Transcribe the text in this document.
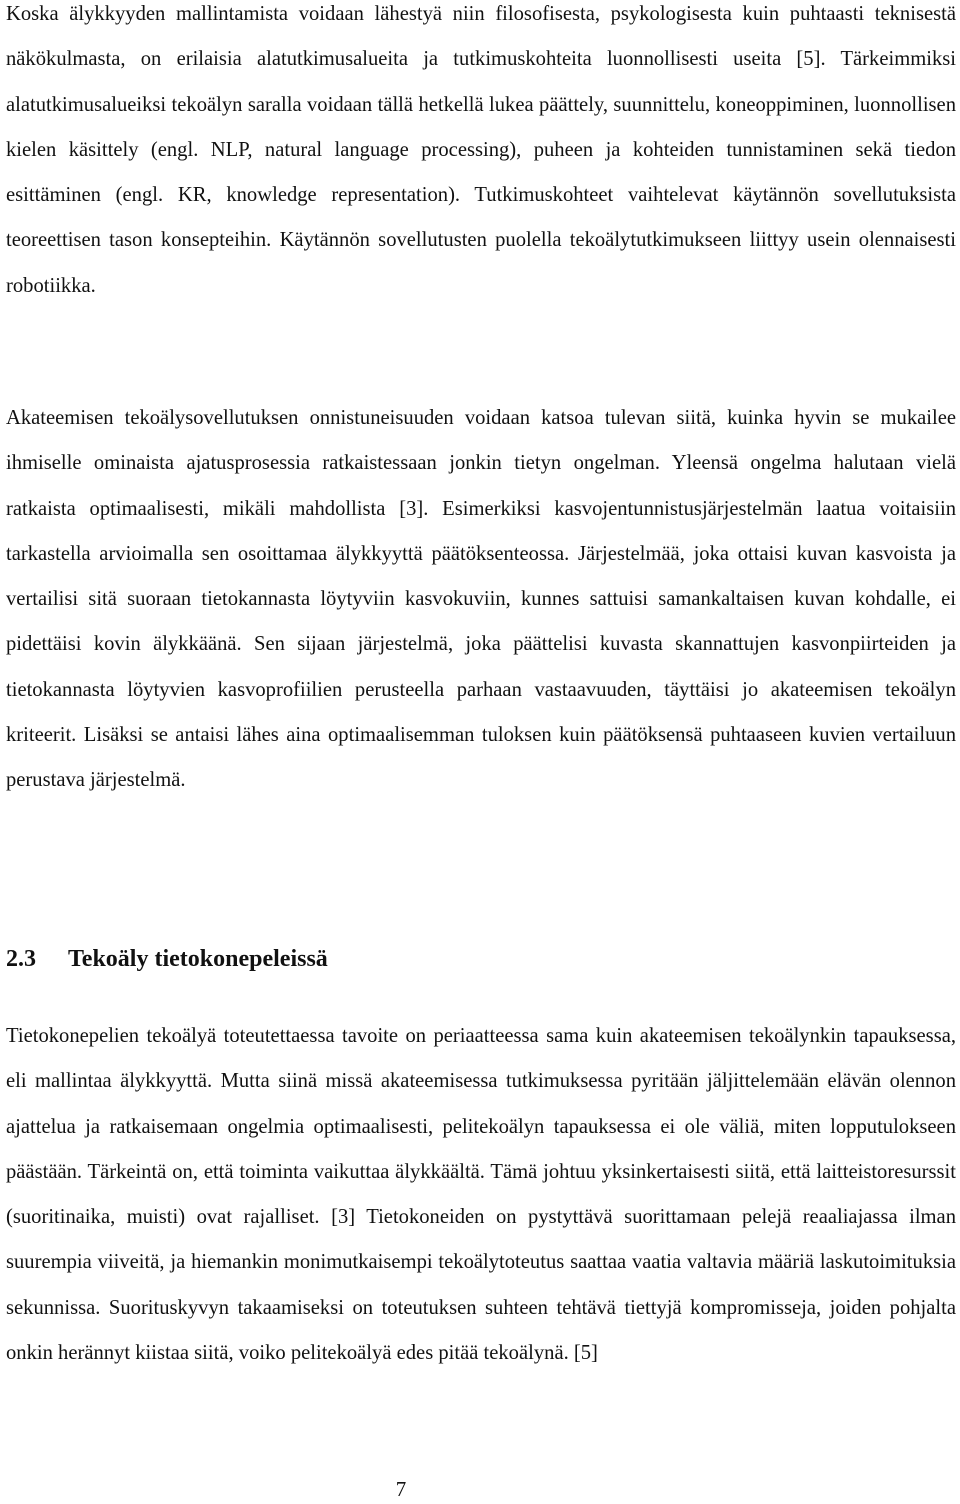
Koska älykkyyden mallintamista voidaan lähestyä niin filosofisesta, psykologisesta kuin puhtaasti teknisestä näkökulmasta, on erilaisia alatutkimusalueita ja tutkimuskohteita luonnollisesti useita [5]. Tärkeimmiksi alatutkimusalueiksi tekoälyn saralla voidaan tällä hetkellä lukea päättely, suunnittelu, koneoppiminen, luonnollisen kielen käsittely (engl. NLP, natural language processing), puheen ja kohteiden tunnistaminen sekä tiedon esittäminen (engl. KR, knowledge representation). Tutkimuskohteet vaihtelevat käytännön sovellutuksista teoreettisen tason konsepteihin. Käytännön sovellutusten puolella tekoälytutkimukseen liittyy usein olennaisesti robotiikka.

Akateemisen tekoälysovellutuksen onnistuneisuuden voidaan katsoa tulevan siitä, kuinka hyvin se mukailee ihmiselle ominaista ajatusprosessia ratkaistessaan jonkin tietyn ongelman. Yleensä ongelma halutaan vielä ratkaista optimaalisesti, mikäli mahdollista [3]. Esimerkiksi kasvojentunnistusjärjestelmän laatua voitaisiin tarkastella arvioimalla sen osoittamaa älykkyyttä päätöksenteossa. Järjestelmää, joka ottaisi kuvan kasvoista ja vertailisi sitä suoraan tietokannasta löytyviin kasvokuviin, kunnes sattuisi samankaltaisen kuvan kohdalle, ei pidettäisi kovin älykkäänä. Sen sijaan järjestelmä, joka päättelisi kuvasta skannattujen kasvonpiirteiden ja tietokannasta löytyvien kasvoprofiilien perusteella parhaan vastaavuuden, täyttäisi jo akateemisen tekoälyn kriteerit. Lisäksi se antaisi lähes aina optimaalisemman tuloksen kuin päätöksensä puhtaaseen kuvien vertailuun perustava järjestelmä.

2.3 Tekoäly tietokonepeleissä

Tietokonepelien tekoälyä toteutettaessa tavoite on periaatteessa sama kuin akateemisen tekoälynkin tapauksessa, eli mallintaa älykkyyttä. Mutta siinä missä akateemisessa tutkimuksessa pyritään jäljittelemään elävän olennon ajattelua ja ratkaisemaan ongelmia optimaalisesti, pelitekoälyn tapauksessa ei ole väliä, miten lopputulokseen päästään. Tärkeintä on, että toiminta vaikuttaa älykkäältä. Tämä johtuu yksinkertaisesti siitä, että laitteistoresurssit (suoritinaika, muisti) ovat rajalliset. [3] Tietokoneiden on pystyttävä suorittamaan pelejä reaaliajassa ilman suurempia viiveitä, ja hiemankin monimutkaisempi tekoälytoteutus saattaa vaatia valtavia määriä laskutoimituksia sekunnissa. Suorituskyvyn takaamiseksi on toteutuksen suhteen tehtävä tiettyjä kompromisseja, joiden pohjalta onkin herännyt kiistaa siitä, voiko pelitekoälyä edes pitää tekoälynä. [5]

7
